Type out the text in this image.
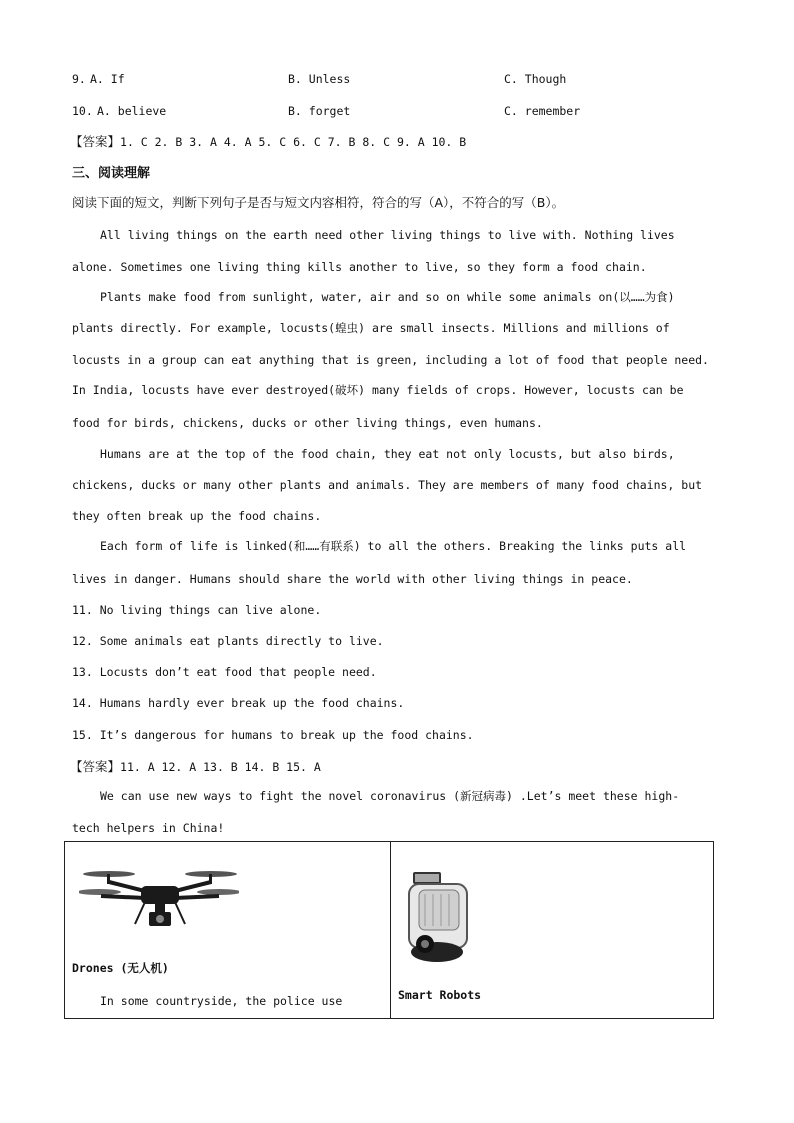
9. A. If	B. Unless	C. Though
10. A. believe	B. forget	C. remember
【答案】1. C 2. B 3. A 4. A 5. C 6. C 7. B 8. C 9. A 10. B
三、阅读理解
阅读下面的短文，判断下列句子是否与短文内容相符，符合的写（A），不符合的写（B）。
All living things on the earth need other living things to live with. Nothing lives
alone. Sometimes one living thing kills another to live, so they form a food chain.
Plants make food from sunlight, water, air and so on while some animals on(以……为食)
plants directly. For example, locusts(蝗虫) are small insects. Millions and millions of
locusts in a group can eat anything that is green, including a lot of food that people need.
In India, locusts have ever destroyed(破坏) many fields of crops. However, locusts can be
food for birds, chickens, ducks or other living things, even humans.
Humans are at the top of the food chain, they eat not only locusts, but also birds,
chickens, ducks or many other plants and animals. They are members of many food chains, but
they often break up the food chains.
Each form of life is linked(和……有联系) to all the others. Breaking the links puts all
lives in danger. Humans should share the world with other living things in peace.
11. No living things can live alone.
12. Some animals eat plants directly to live.
13. Locusts don’t eat food that people need.
14. Humans hardly ever break up the food chains.
15. It’s dangerous for humans to break up the food chains.
【答案】11. A 12. A 13. B 14. B 15. A
We can use new ways to fight the novel coronavirus (新冠病毒) .Let’s meet these high-
tech helpers in China!
Drones (无人机)
In some countryside, the police use	Smart Robots
